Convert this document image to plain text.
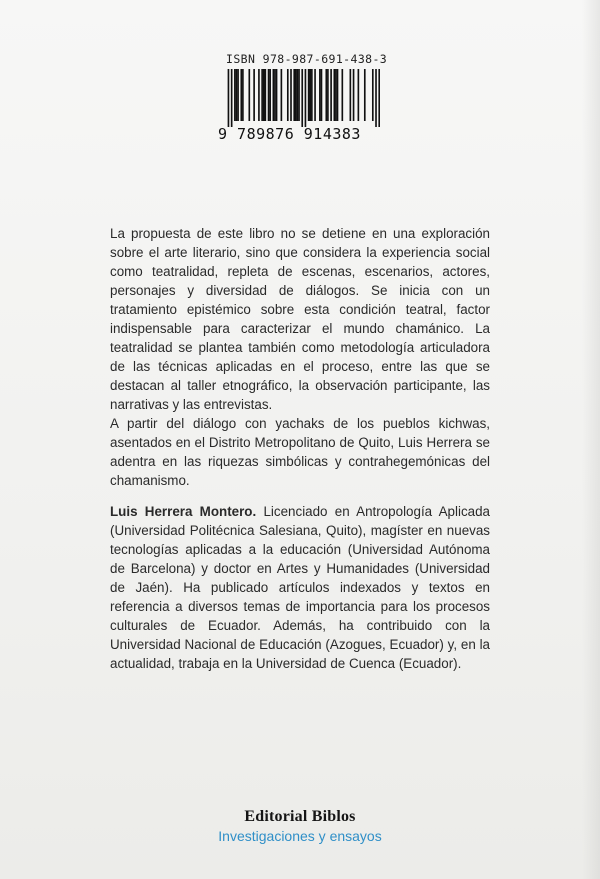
ISBN 978-987-691-438-3
9 789876 914383

La propuesta de este libro no se detiene en una exploración sobre el arte literario, sino que considera la experiencia social como teatralidad, repleta de escenas, escenarios, actores, personajes y diversidad de diálogos. Se inicia con un tratamiento epistémico sobre esta condición teatral, factor indispensable para caracterizar el mundo chamánico. La teatralidad se plantea también como metodología articuladora de las técnicas aplicadas en el proceso, entre las que se destacan al taller etnográfico, la observación participante, las narrativas y las entrevistas.

A partir del diálogo con yachaks de los pueblos kichwas, asentados en el Distrito Metropolitano de Quito, Luis Herrera se adentra en las riquezas simbólicas y contrahegemónicas del chamanismo.

Luis Herrera Montero. Licenciado en Antropología Aplicada (Universidad Politécnica Salesiana, Quito), magíster en nuevas tecnologías aplicadas a la educación (Universidad Autónoma de Barcelona) y doctor en Artes y Humanidades (Universidad de Jaén). Ha publicado artículos indexados y textos en referencia a diversos temas de importancia para los procesos culturales de Ecuador. Además, ha contribuido con la Universidad Nacional de Educación (Azogues, Ecuador) y, en la actualidad, trabaja en la Universidad de Cuenca (Ecuador).

Editorial Biblos
Investigaciones y ensayos
